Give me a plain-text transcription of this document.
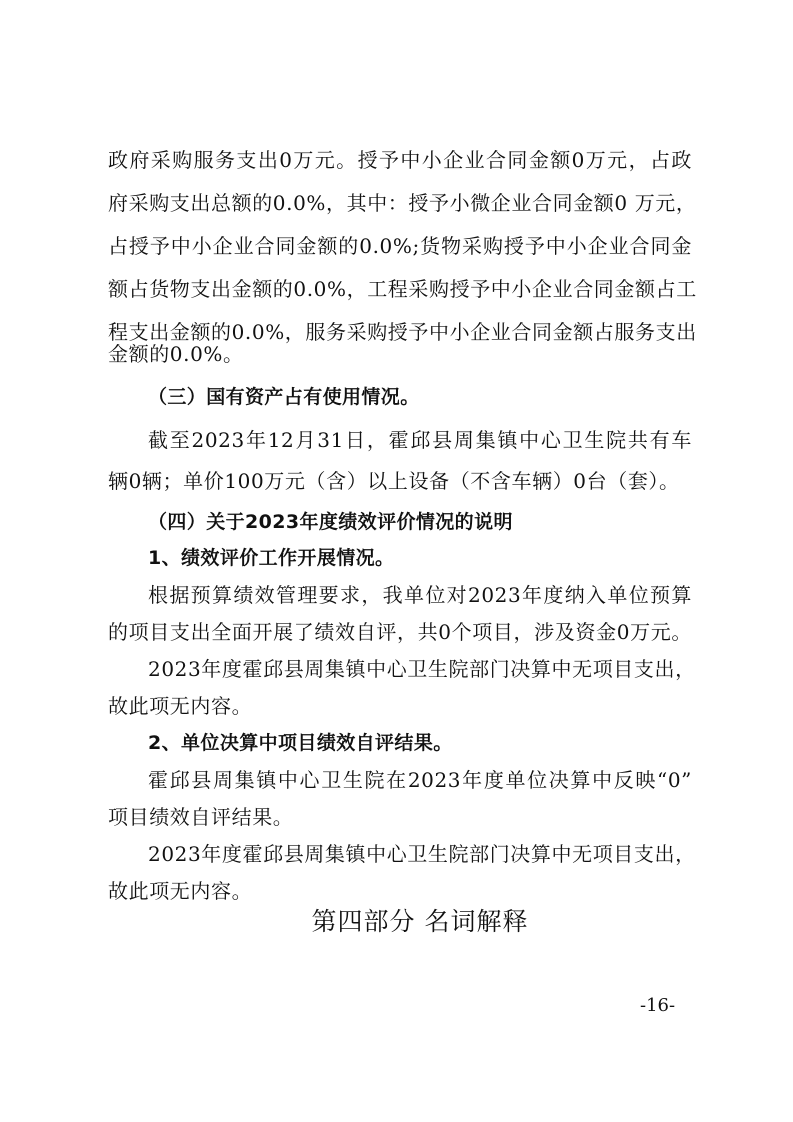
政府采购服务支出0万元。授予中小企业合同金额0万元，占政
府采购支出总额的0.0%，其中：授予小微企业合同金额0 万元，
占授予中小企业合同金额的0.0%;货物采购授予中小企业合同金
额占货物支出金额的0.0%，工程采购授予中小企业合同金额占工
程支出金额的0.0%，服务采购授予中小企业合同金额占服务支出
金额的0.0%。
（三）国有资产占有使用情况。
截至2023年12月31日，霍邱县周集镇中心卫生院共有车
辆0辆；单价100万元（含）以上设备（不含车辆）0台（套）。
（四）关于2023年度绩效评价情况的说明
1、绩效评价工作开展情况。
根据预算绩效管理要求，我单位对2023年度纳入单位预算
的项目支出全面开展了绩效自评，共0个项目，涉及资金0万元。
2023年度霍邱县周集镇中心卫生院部门决算中无项目支出，
故此项无内容。
2、单位决算中项目绩效自评结果。
霍邱县周集镇中心卫生院在2023年度单位决算中反映“0”
项目绩效自评结果。
2023年度霍邱县周集镇中心卫生院部门决算中无项目支出，
故此项无内容。
第四部分 名词解释
-16-
